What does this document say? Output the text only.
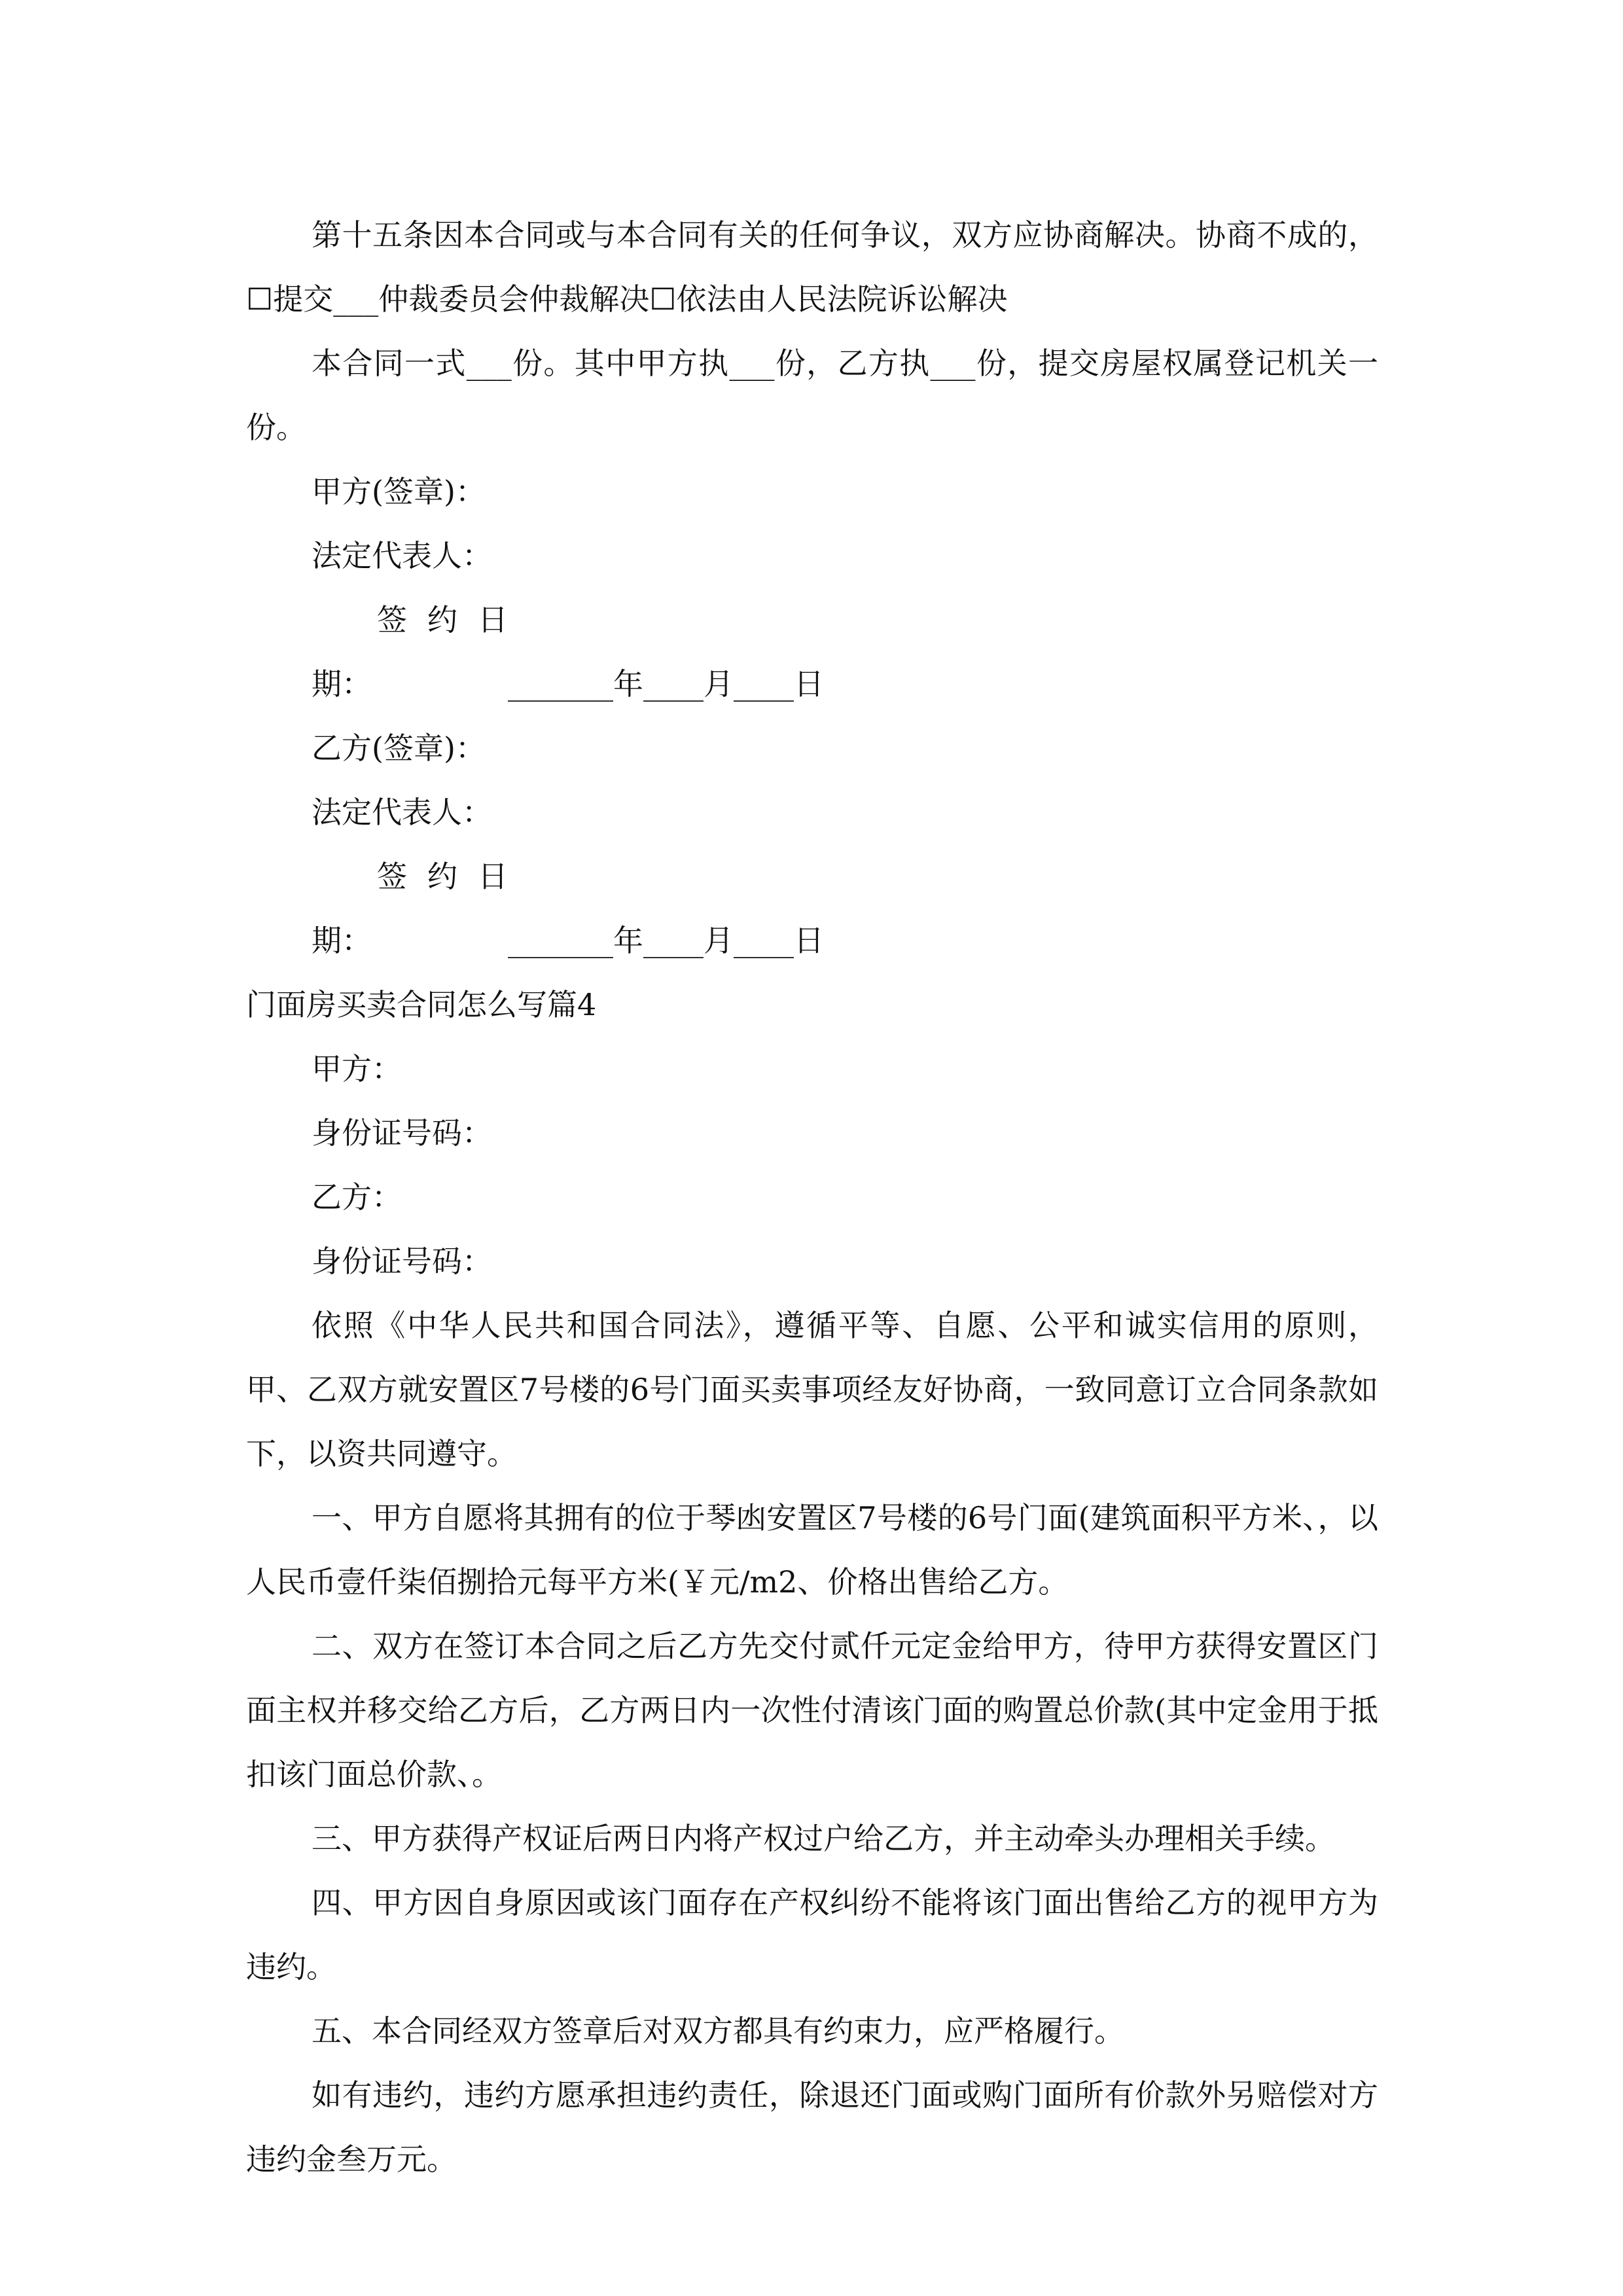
第十五条因本合同或与本合同有关的任何争议，双方应协商解决。协商不成的，☐提交___仲裁委员会仲裁解决☐依法由人民法院诉讼解决

本合同一式___份。其中甲方执___份，乙方执___份，提交房屋权属登记机关一份。

甲方(签章)：

法定代表人：

签约日期：	_______年____月____日

乙方(签章)：

法定代表人：

签约日期：	_______年____月____日

门面房买卖合同怎么写篇4

甲方：

身份证号码：

乙方：

身份证号码：

依照《中华人民共和国合同法》，遵循平等、自愿、公平和诚实信用的原则，甲、乙双方就安置区7号楼的6号门面买卖事项经友好协商，一致同意订立合同条款如下，以资共同遵守。

一、甲方自愿将其拥有的位于琴凼安置区7号楼的6号门面(建筑面积平方米、，以人民币壹仟柒佰捌拾元每平方米(￥元/m2、价格出售给乙方。

二、双方在签订本合同之后乙方先交付贰仟元定金给甲方，待甲方获得安置区门面主权并移交给乙方后，乙方两日内一次性付清该门面的购置总价款(其中定金用于抵扣该门面总价款、。

三、甲方获得产权证后两日内将产权过户给乙方，并主动牵头办理相关手续。

四、甲方因自身原因或该门面存在产权纠纷不能将该门面出售给乙方的视甲方为违约。

五、本合同经双方签章后对双方都具有约束力，应严格履行。

如有违约，违约方愿承担违约责任，除退还门面或购门面所有价款外另赔偿对方违约金叁万元。
